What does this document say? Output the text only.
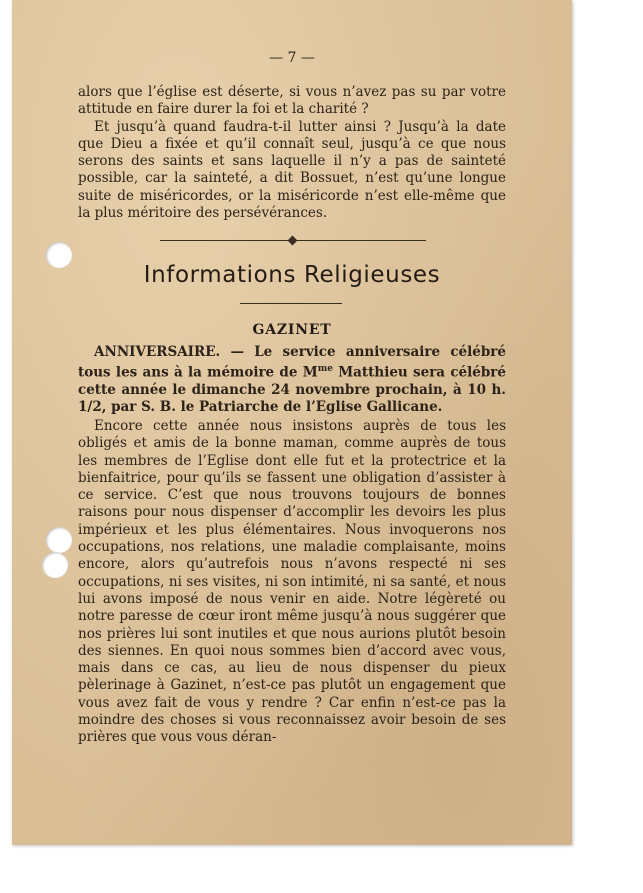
— 7 —

alors que l’église est déserte, si vous n’avez pas su par votre attitude en faire durer la foi et la charité ?

Et jusqu’à quand faudra-t-il lutter ainsi ? Jusqu’à la date que Dieu a fixée et qu’il connaît seul, jusqu’à ce que nous serons des saints et sans laquelle il n’y a pas de sainteté possible, car la sainteté, a dit Bossuet, n’est qu’une longue suite de miséricordes, or la miséricorde n’est elle-même que la plus méritoire des persévérances.

Informations Religieuses
GAZINET

ANNIVERSAIRE. — Le service anniversaire célébré tous les ans à la mémoire de $M^{me}$ Matthieu sera célébré cette année le dimanche 24 novembre prochain, à 10 h. 1/2, par S. B. le Patriarche de l’Eglise Gallicane.

Encore cette année nous insistons auprès de tous les obligés et amis de la bonne maman, comme auprès de tous les membres de l’Eglise dont elle fut et la protectrice et la bienfaitrice, pour qu’ils se fassent une obligation d’assister à ce service. C’est que nous trouvons toujours de bonnes raisons pour nous dispenser d’accomplir les devoirs les plus impérieux et les plus élémentaires. Nous invoquerons nos occupations, nos relations, une maladie complaisante, moins encore, alors qu’autrefois nous n’avons respecté ni ses occupations, ni ses visites, ni son intimité, ni sa santé, et nous lui avons imposé de nous venir en aide. Notre légèreté ou notre paresse de cœur iront même jusqu’à nous suggérer que nos prières lui sont inutiles et que nous aurions plutôt besoin des siennes. En quoi nous sommes bien d’accord avec vous, mais dans ce cas, au lieu de nous dispenser du pieux pèlerinage à Gazinet, n’est-ce pas plutôt un engagement que vous avez fait de vous y rendre ? Car enfin n’est-ce pas la moindre des choses si vous reconnaissez avoir besoin de ses prières que vous vous déran-
